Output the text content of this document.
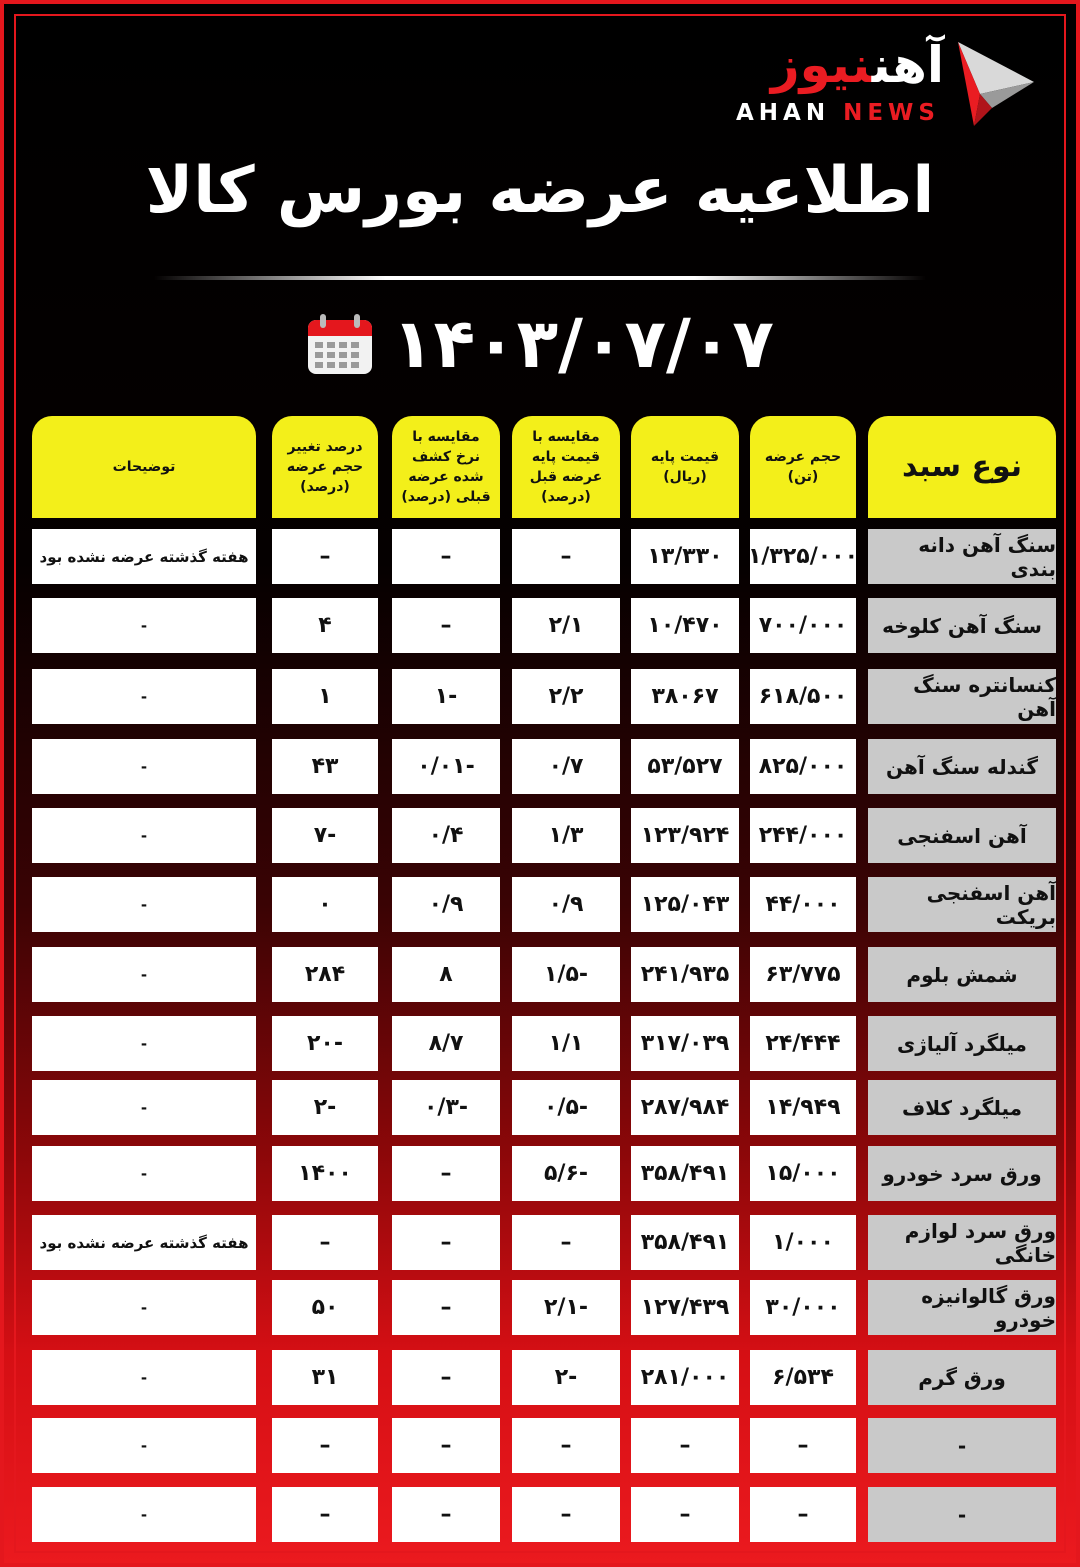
آهننیوز
AHAN NEWS
اطلاعیه عرضه بورس کالا
۱۴۰۳/۰۷/۰۷
نوع سبد
حجم عرضه (تن)
قیمت پایه (ریال)
مقایسه با قیمت پایه عرضه قبل (درصد)
مقایسه با نرخ کشف شده عرضه قبلی (درصد)
درصد تغییر حجم عرضه (درصد)
توضیحات
سنگ آهن دانه بندی
۱/۳۲۵/۰۰۰
۱۳/۳۳۰
–
–
–
هفته گذشته عرضه نشده بود
سنگ آهن کلوخه
۷۰۰/۰۰۰
۱۰/۴۷۰
۲/۱
–
۴
-
کنسانتره سنگ آهن
۶۱۸/۵۰۰
۳۸۰۶۷
۲/۲
-۱
۱
-
گندله سنگ آهن
۸۲۵/۰۰۰
۵۳/۵۲۷
۰/۷
-۰/۰۱
۴۳
-
آهن اسفنجی
۲۴۴/۰۰۰
۱۲۳/۹۲۴
۱/۳
۰/۴
-۷
-
آهن اسفنجی بریکت
۴۴/۰۰۰
۱۲۵/۰۴۳
۰/۹
۰/۹
۰
-
شمش بلوم
۶۳/۷۷۵
۲۴۱/۹۳۵
-۱/۵
۸
۲۸۴
-
میلگرد آلیاژی
۲۴/۴۴۴
۳۱۷/۰۳۹
۱/۱
۸/۷
-۲۰
-
میلگرد کلاف
۱۴/۹۴۹
۲۸۷/۹۸۴
-۰/۵
-۰/۳
-۲
-
ورق سرد خودرو
۱۵/۰۰۰
۳۵۸/۴۹۱
-۵/۶
–
۱۴۰۰
-
ورق سرد لوازم خانگی
۱/۰۰۰
۳۵۸/۴۹۱
–
–
–
هفته گذشته عرضه نشده بود
ورق گالوانیزه خودرو
۳۰/۰۰۰
۱۲۷/۴۳۹
-۲/۱
–
۵۰
-
ورق گرم
۶/۵۳۴
۲۸۱/۰۰۰
-۲
–
۳۱
-
-
–
–
–
–
–
-
-
–
–
–
–
–
-
